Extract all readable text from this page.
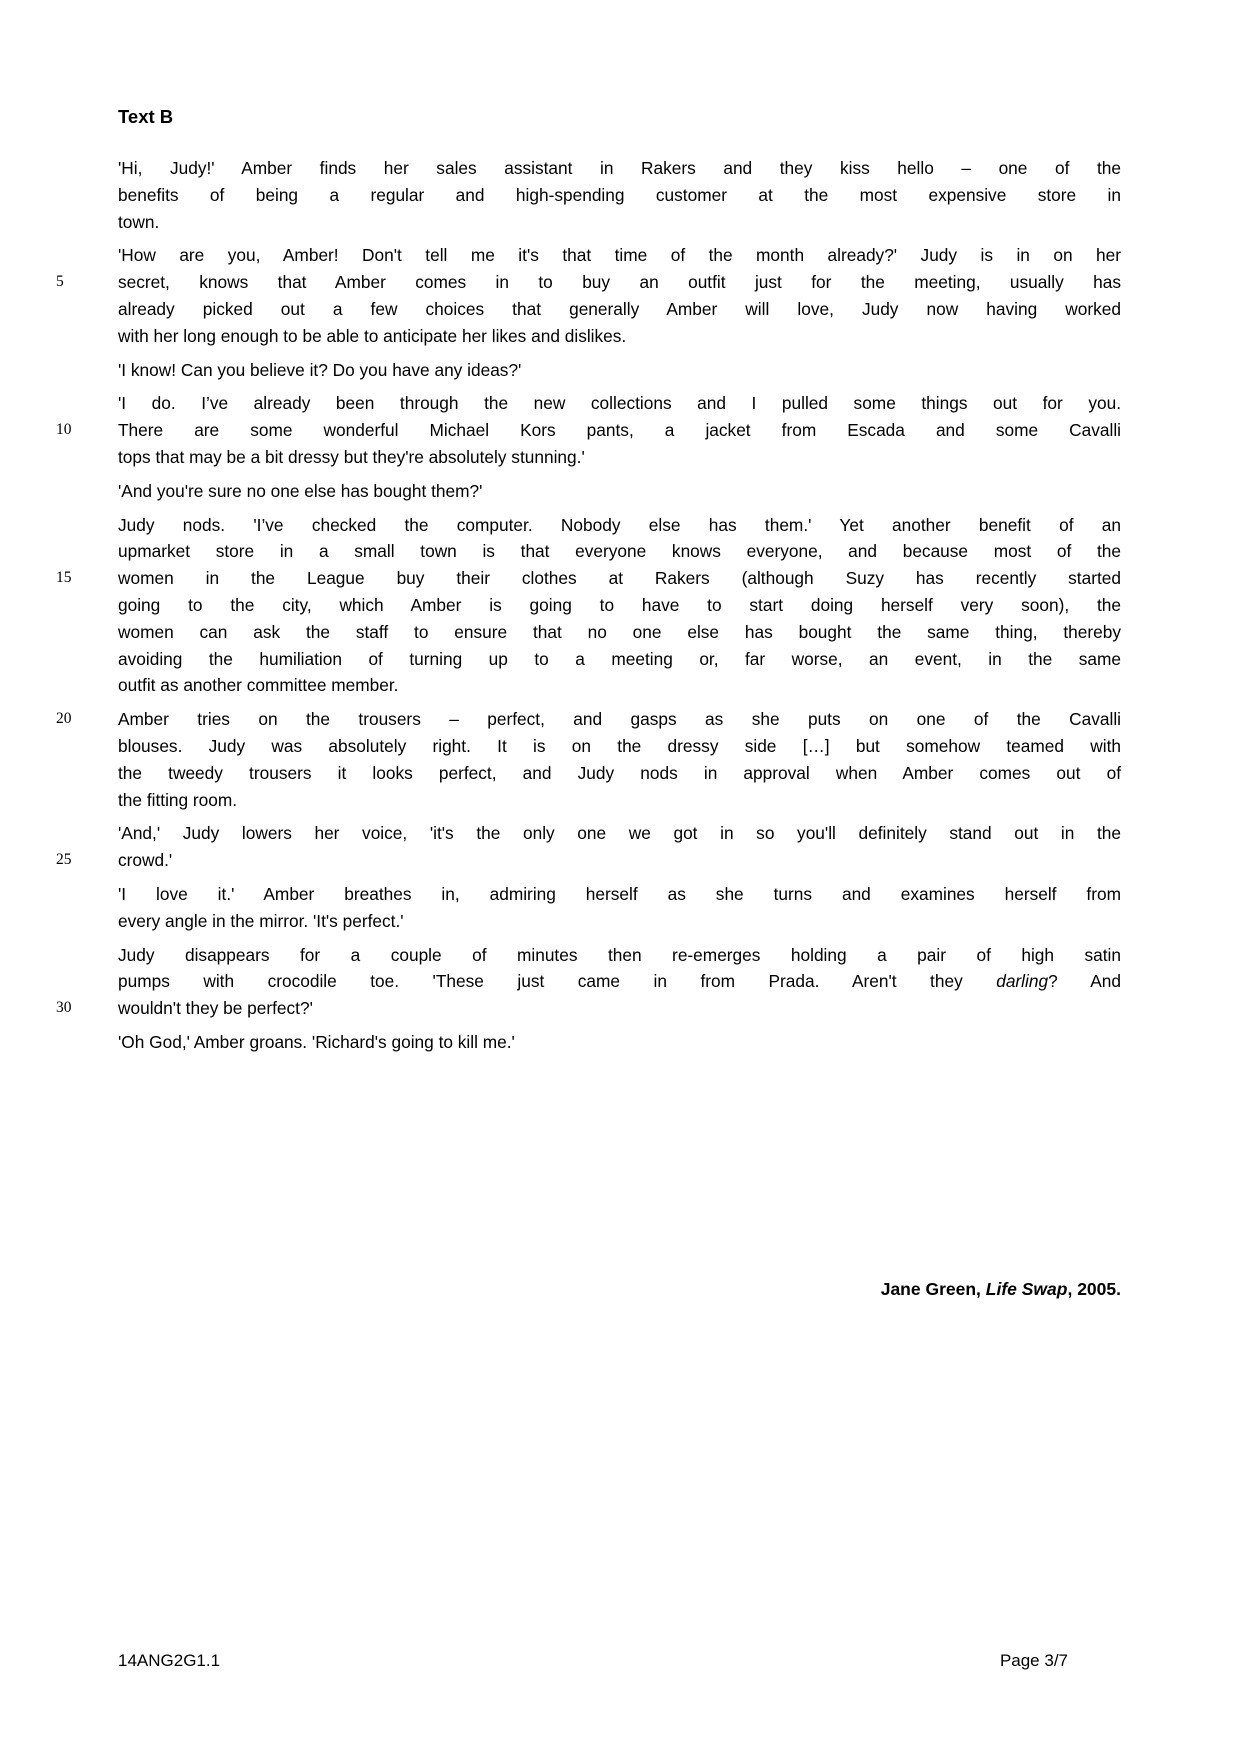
Text B
'Hi, Judy!' Amber finds her sales assistant in Rakers and they kiss hello – one of the
benefits of being a regular and high-spending customer at the most expensive store in
town.
'How are you, Amber! Don't tell me it's that time of the month already?' Judy is in on her
5	secret, knows that Amber comes in to buy an outfit just for the meeting, usually has
already picked out a few choices that generally Amber will love, Judy now having worked
with her long enough to be able to anticipate her likes and dislikes.
'I know! Can you believe it? Do you have any ideas?'
'I do. I’ve already been through the new collections and I pulled some things out for you.
10	There are some wonderful Michael Kors pants, a jacket from Escada and some Cavalli
tops that may be a bit dressy but they're absolutely stunning.'
'And you're sure no one else has bought them?'
Judy nods. 'I’ve checked the computer. Nobody else has them.' Yet another benefit of an
upmarket store in a small town is that everyone knows everyone, and because most of the
15	women in the League buy their clothes at Rakers (although Suzy has recently started
going to the city, which Amber is going to have to start doing herself very soon), the
women can ask the staff to ensure that no one else has bought the same thing, thereby
avoiding the humiliation of turning up to a meeting or, far worse, an event, in the same
outfit as another committee member.
20	Amber tries on the trousers – perfect, and gasps as she puts on one of the Cavalli
blouses. Judy was absolutely right. It is on the dressy side […] but somehow teamed with
the tweedy trousers it looks perfect, and Judy nods in approval when Amber comes out of
the fitting room.
'And,' Judy lowers her voice, 'it's the only one we got in so you'll definitely stand out in the
25	crowd.'
'I love it.' Amber breathes in, admiring herself as she turns and examines herself from
every angle in the mirror. 'It's perfect.'
Judy disappears for a couple of minutes then re-emerges holding a pair of high satin
pumps with crocodile toe. 'These just came in from Prada. Aren't they darling? And
30	wouldn't they be perfect?'
'Oh God,' Amber groans. 'Richard's going to kill me.'
Jane Green, Life Swap, 2005.
14ANG2G1.1	Page 3/7
